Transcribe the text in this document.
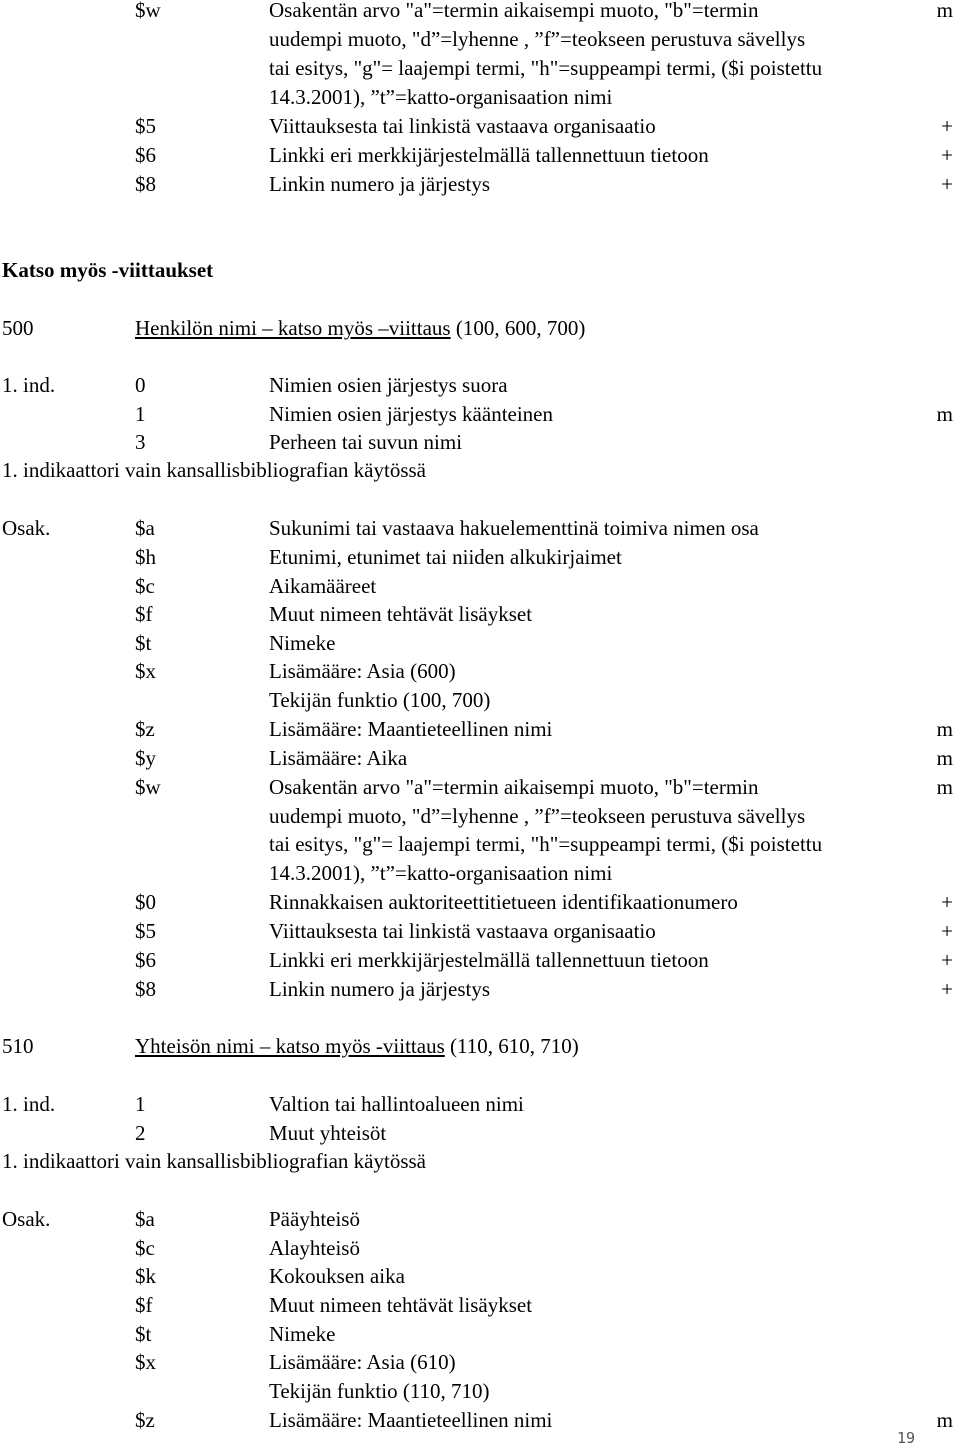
$w	Osakentän arvo "a"=termin aikaisempi muoto, "b"=termin	m
uudempi muoto, "d”=lyhenne , ”f”=teokseen perustuva sävellys
tai esitys, "g"= laajempi termi, "h"=suppeampi termi, ($i poistettu
14.3.2001), ”t”=katto-organisaation nimi
$5	Viittauksesta tai linkistä vastaava organisaatio	+
$6	Linkki eri merkkijärjestelmällä tallennettuun tietoon	+
$8	Linkin numero ja järjestys	+
Katso myös -viittaukset
500	Henkilön nimi – katso myös –viittaus (100, 600, 700)
1. ind.	0	Nimien osien järjestys suora
1	Nimien osien järjestys käänteinen	m
3	Perheen tai suvun nimi
1. indikaattori vain kansallisbibliografian käytössä
Osak.	$a	Sukunimi tai vastaava hakuelementtinä toimiva nimen osa
$h	Etunimi, etunimet tai niiden alkukirjaimet
$c	Aikamääreet
$f	Muut nimeen tehtävät lisäykset
$t	Nimeke
$x	Lisämääre: Asia (600)
Tekijän funktio (100, 700)
$z	Lisämääre: Maantieteellinen nimi	m
$y	Lisämääre: Aika	m
$w	Osakentän arvo "a"=termin aikaisempi muoto, "b"=termin	m
uudempi muoto, "d”=lyhenne , ”f”=teokseen perustuva sävellys
tai esitys, "g"= laajempi termi, "h"=suppeampi termi, ($i poistettu
14.3.2001), ”t”=katto-organisaation nimi
$0	Rinnakkaisen auktoriteettitietueen identifikaationumero	+
$5	Viittauksesta tai linkistä vastaava organisaatio	+
$6	Linkki eri merkkijärjestelmällä tallennettuun tietoon	+
$8	Linkin numero ja järjestys	+
510	Yhteisön nimi – katso myös -viittaus (110, 610, 710)
1. ind.	1	Valtion tai hallintoalueen nimi
2	Muut yhteisöt
1. indikaattori vain kansallisbibliografian käytössä
Osak.	$a	Pääyhteisö
$c	Alayhteisö
$k	Kokouksen aika
$f	Muut nimeen tehtävät lisäykset
$t	Nimeke
$x	Lisämääre: Asia (610)
Tekijän funktio (110, 710)
$z	Lisämääre: Maantieteellinen nimi	m
19
